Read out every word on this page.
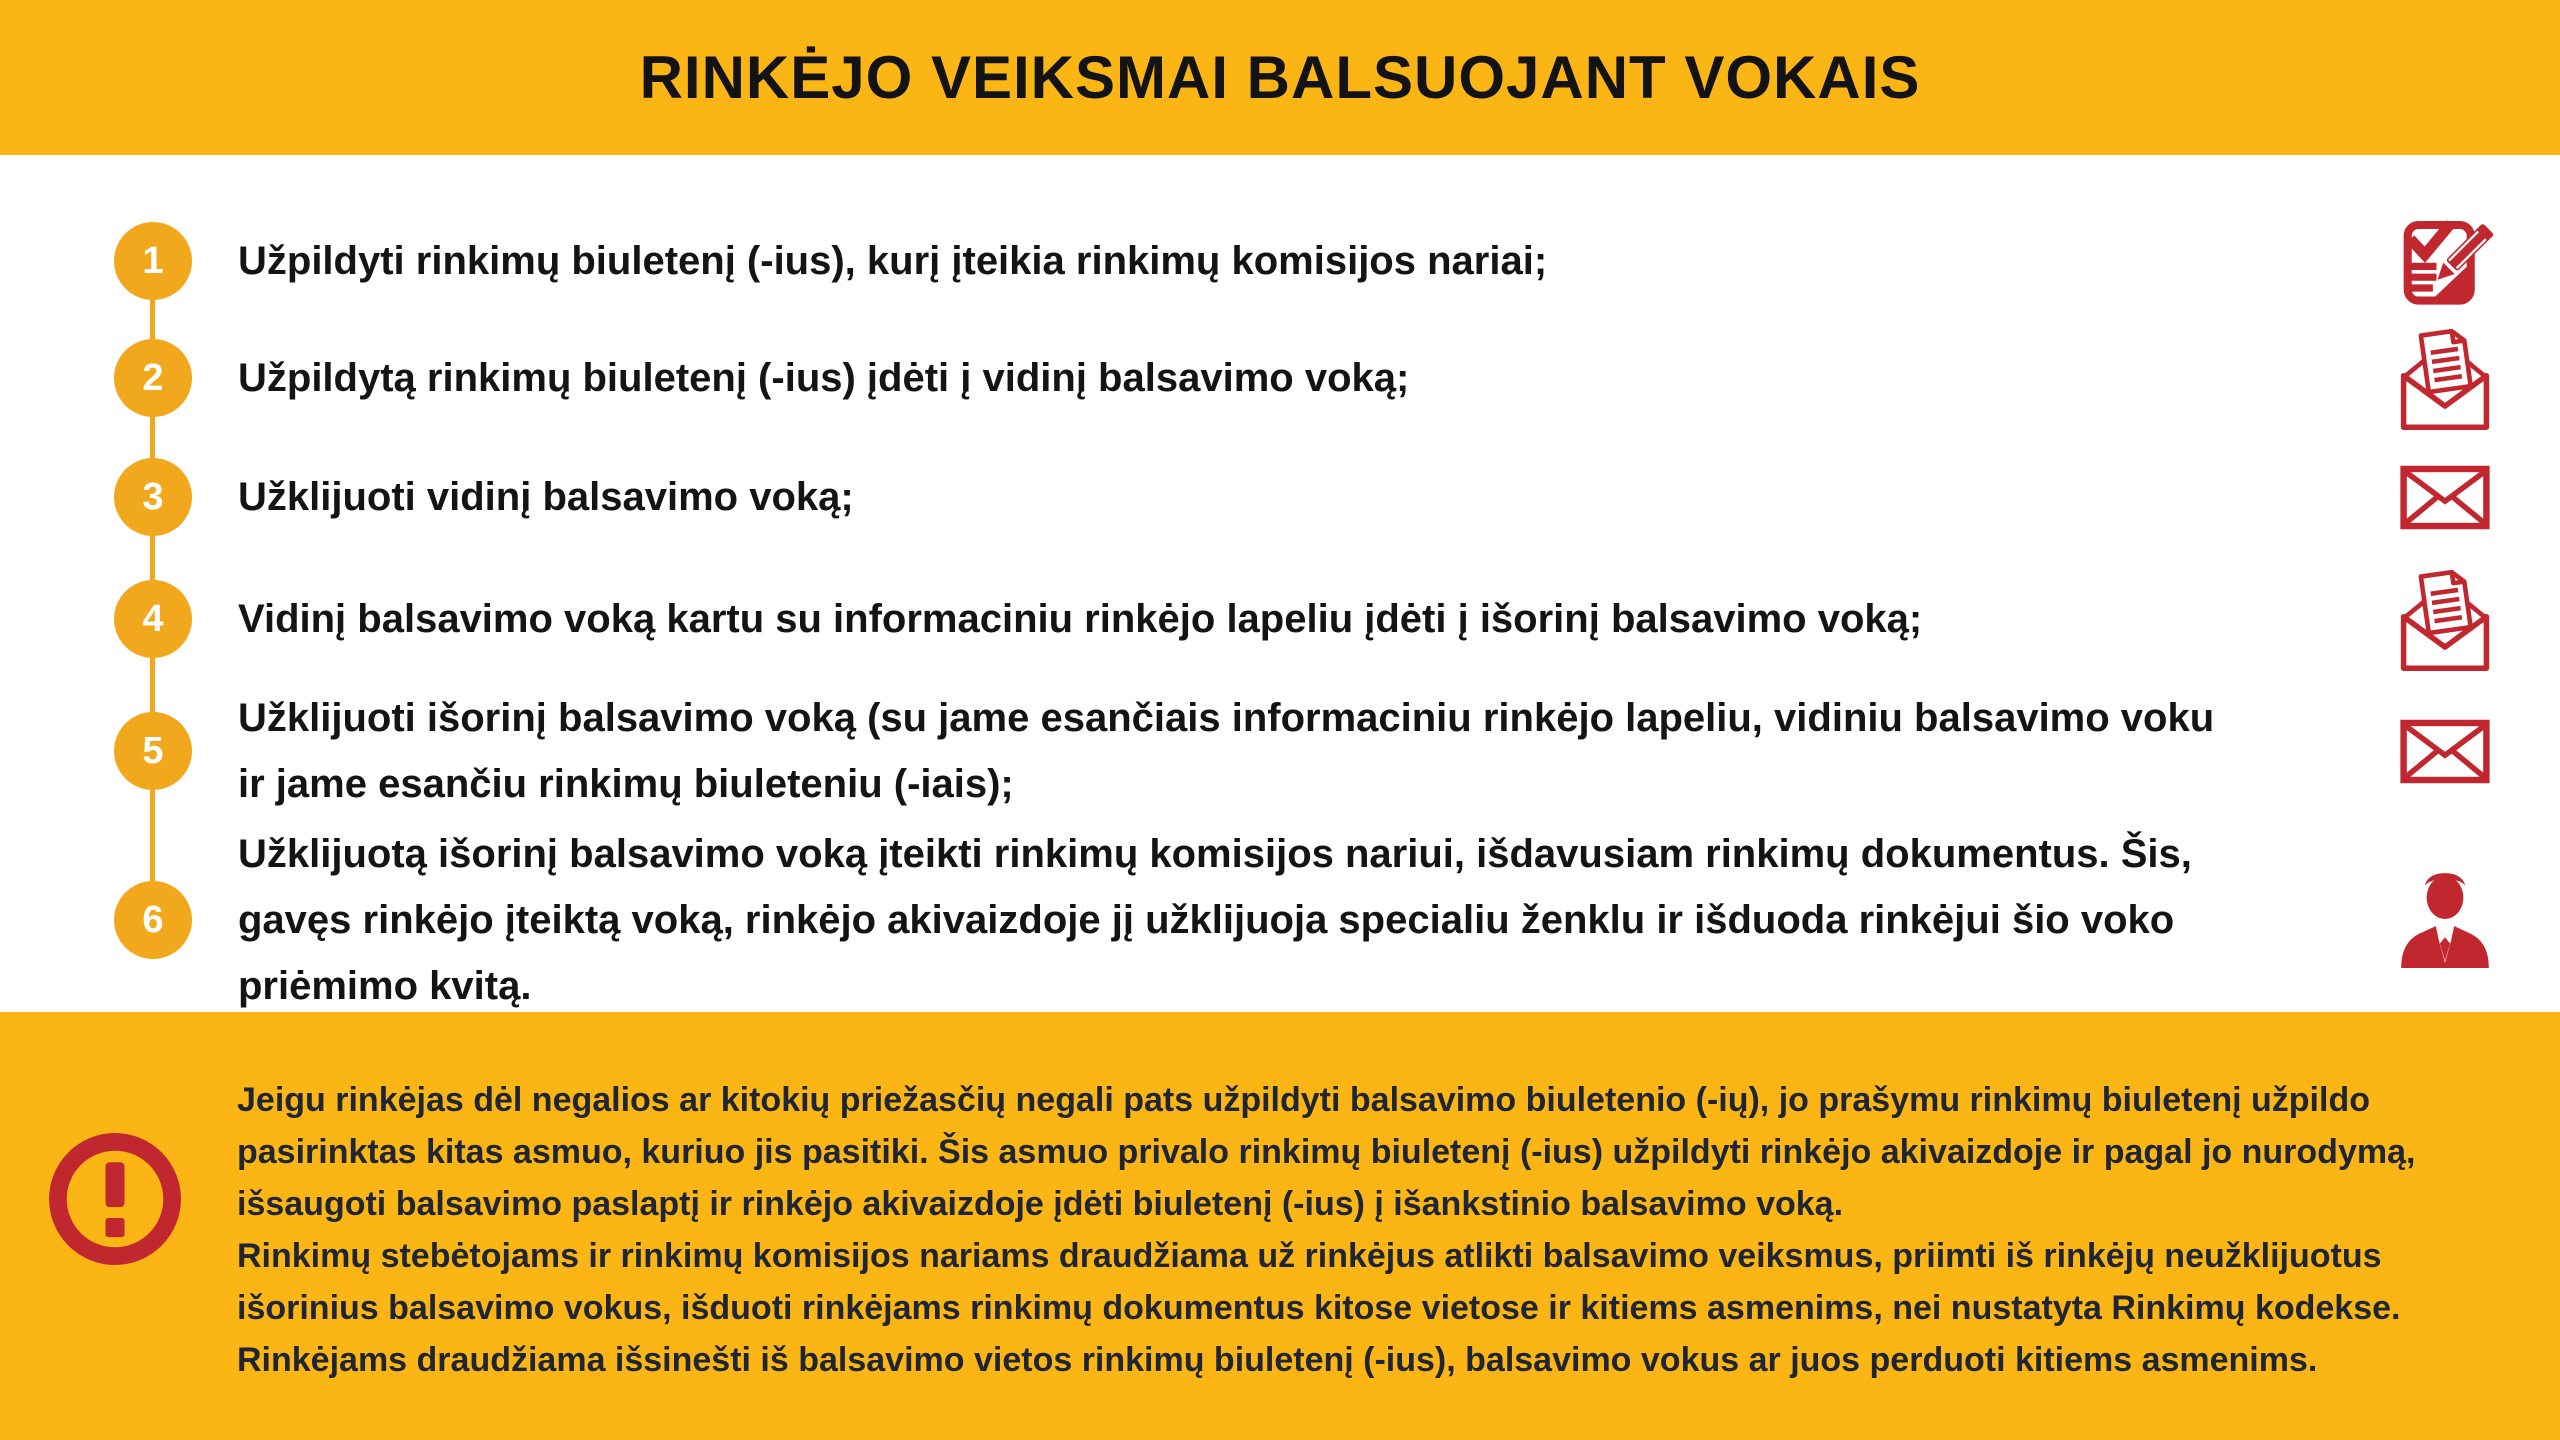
RINKĖJO VEIKSMAI BALSUOJANT VOKAIS
1	Užpildyti rinkimų biuletenį (-ius), kurį įteikia rinkimų komisijos nariai;
2	Užpildytą rinkimų biuletenį (-ius) įdėti į vidinį balsavimo voką;
3	Užklijuoti vidinį balsavimo voką;
4	Vidinį balsavimo voką kartu su informaciniu rinkėjo lapeliu įdėti į išorinį balsavimo voką;
5
Užklijuoti išorinį balsavimo voką (su jame esančiais informaciniu rinkėjo lapeliu, vidiniu balsavimo voku ir jame esančiu rinkimų biuleteniu (-iais);
6
Užklijuotą išorinį balsavimo voką įteikti rinkimų komisijos nariui, išdavusiam rinkimų dokumentus. Šis, gavęs rinkėjo įteiktą voką, rinkėjo akivaizdoje jį užklijuoja specialiu ženklu ir išduoda rinkėjui šio voko priėmimo kvitą.

Jeigu rinkėjas dėl negalios ar kitokių priežasčių negali pats užpildyti balsavimo biuletenio (-ių), jo prašymu rinkimų biuletenį užpildo pasirinktas kitas asmuo, kuriuo jis pasitiki. Šis asmuo privalo rinkimų biuletenį (-ius) užpildyti rinkėjo akivaizdoje ir pagal jo nurodymą, išsaugoti balsavimo paslaptį ir rinkėjo akivaizdoje įdėti biuletenį (-ius) į išankstinio balsavimo voką.

Rinkimų stebėtojams ir rinkimų komisijos nariams draudžiama už rinkėjus atlikti balsavimo veiksmus, priimti iš rinkėjų neužklijuotus išorinius balsavimo vokus, išduoti rinkėjams rinkimų dokumentus kitose vietose ir kitiems asmenims, nei nustatyta Rinkimų kodekse.

Rinkėjams draudžiama išsinešti iš balsavimo vietos rinkimų biuletenį (-ius), balsavimo vokus ar juos perduoti kitiems asmenims.
